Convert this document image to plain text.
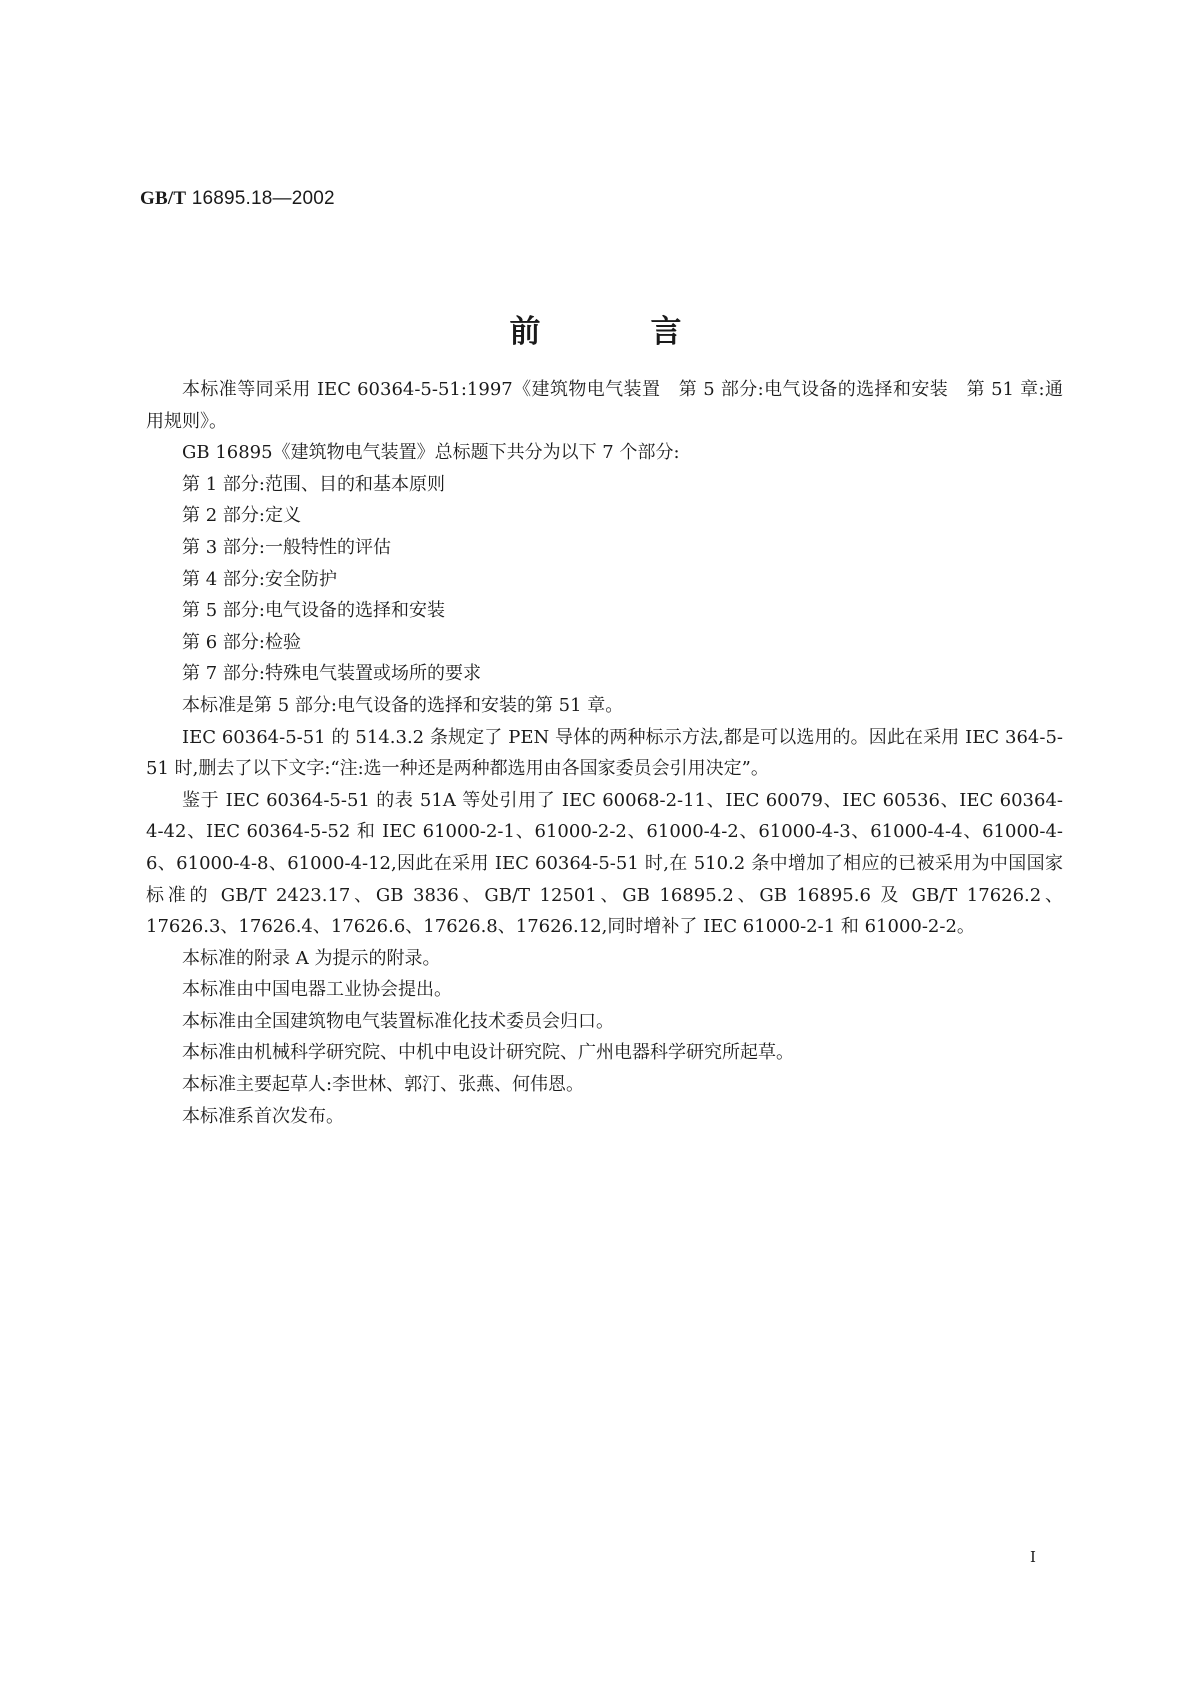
GB/T 16895.18—2002
前言

本标准等同采用 IEC 60364-5-51:1997《建筑物电气装置　第 5 部分:电气设备的选择和安装　第 51 章:通用规则》。

GB 16895《建筑物电气装置》总标题下共分为以下 7 个部分:

第 1 部分:范围、目的和基本原则

第 2 部分:定义

第 3 部分:一般特性的评估

第 4 部分:安全防护

第 5 部分:电气设备的选择和安装

第 6 部分:检验

第 7 部分:特殊电气装置或场所的要求

本标准是第 5 部分:电气设备的选择和安装的第 51 章。

IEC 60364-5-51 的 514.3.2 条规定了 PEN 导体的两种标示方法,都是可以选用的。因此在采用 IEC 364-5-51 时,删去了以下文字:“注:选一种还是两种都选用由各国家委员会引用决定”。

鉴于 IEC 60364-5-51 的表 51A 等处引用了 IEC 60068-2-11、IEC 60079、IEC 60536、IEC 60364-4-42、IEC 60364-5-52 和 IEC 61000-2-1、61000-2-2、61000-4-2、61000-4-3、61000-4-4、61000-4-6、61000-4-8、61000-4-12,因此在采用 IEC 60364-5-51 时,在 510.2 条中增加了相应的已被采用为中国国家标准的 GB/T 2423.17、GB 3836、GB/T 12501、GB 16895.2、GB 16895.6 及 GB/T 17626.2、17626.3、17626.4、17626.6、17626.8、17626.12,同时增补了 IEC 61000-2-1 和 61000-2-2。

本标准的附录 A 为提示的附录。

本标准由中国电器工业协会提出。

本标准由全国建筑物电气装置标准化技术委员会归口。

本标准由机械科学研究院、中机中电设计研究院、广州电器科学研究所起草。

本标准主要起草人:李世林、郭汀、张燕、何伟恩。

本标准系首次发布。

I
